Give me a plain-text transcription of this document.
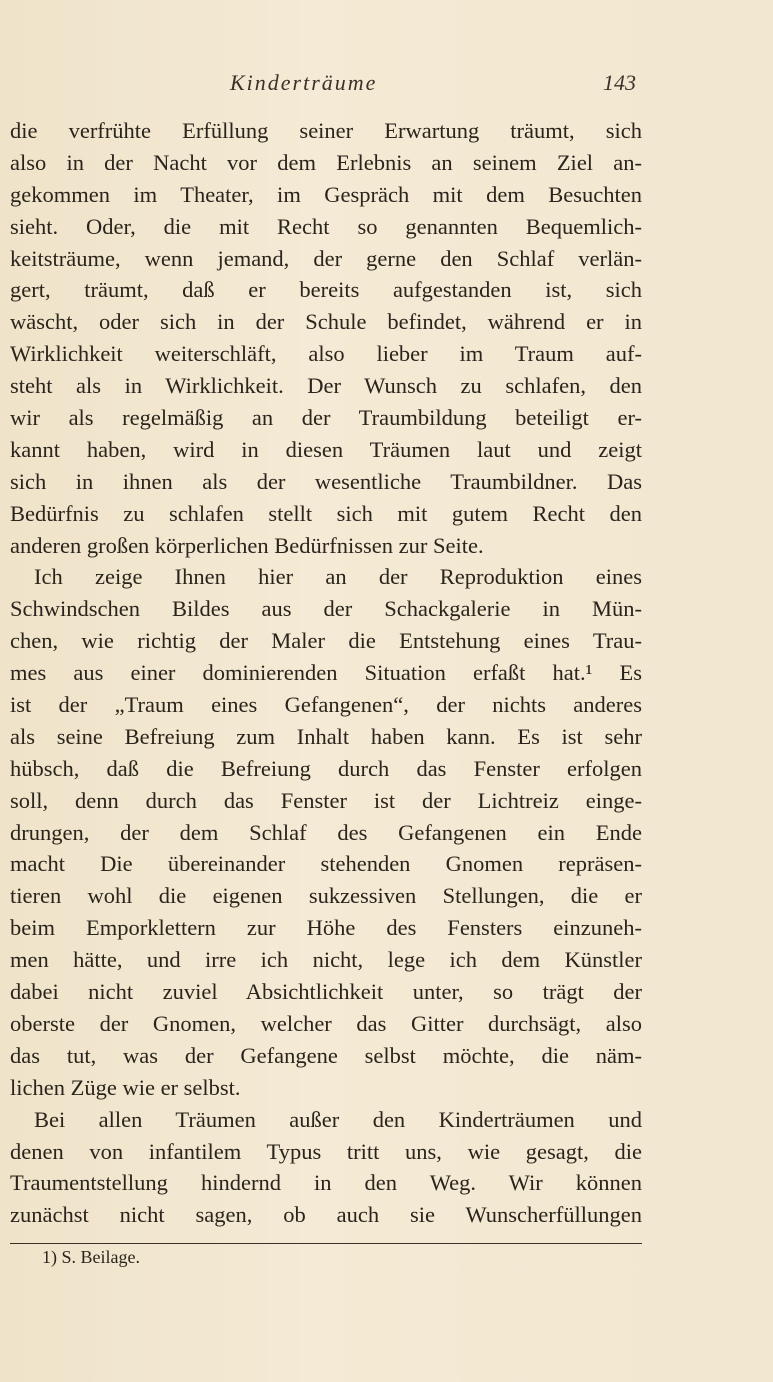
Kinderträume	143
die verfrühte Erfüllung seiner Erwartung träumt, sich
also in der Nacht vor dem Erlebnis an seinem Ziel an-
gekommen im Theater, im Gespräch mit dem Besuchten
sieht. Oder, die mit Recht so genannten Bequemlich-
keitsträume, wenn jemand, der gerne den Schlaf verlän-
gert, träumt, daß er bereits aufgestanden ist, sich
wäscht, oder sich in der Schule befindet, während er in
Wirklichkeit weiterschläft, also lieber im Traum auf-
steht als in Wirklichkeit. Der Wunsch zu schlafen, den
wir als regelmäßig an der Traumbildung beteiligt er-
kannt haben, wird in diesen Träumen laut und zeigt
sich in ihnen als der wesentliche Traumbildner. Das
Bedürfnis zu schlafen stellt sich mit gutem Recht den
anderen großen körperlichen Bedürfnissen zur Seite.
Ich zeige Ihnen hier an der Reproduktion eines
Schwindschen Bildes aus der Schackgalerie in Mün-
chen, wie richtig der Maler die Entstehung eines Trau-
mes aus einer dominierenden Situation erfaßt hat.¹ Es
ist der „Traum eines Gefangenen“, der nichts anderes
als seine Befreiung zum Inhalt haben kann. Es ist sehr
hübsch, daß die Befreiung durch das Fenster erfolgen
soll, denn durch das Fenster ist der Lichtreiz einge-
drungen, der dem Schlaf des Gefangenen ein Ende
macht Die übereinander stehenden Gnomen repräsen-
tieren wohl die eigenen sukzessiven Stellungen, die er
beim Emporklettern zur Höhe des Fensters einzuneh-
men hätte, und irre ich nicht, lege ich dem Künstler
dabei nicht zuviel Absichtlichkeit unter, so trägt der
oberste der Gnomen, welcher das Gitter durchsägt, also
das tut, was der Gefangene selbst möchte, die näm-
lichen Züge wie er selbst.
Bei allen Träumen außer den Kinderträumen und
denen von infantilem Typus tritt uns, wie gesagt, die
Traumentstellung hindernd in den Weg. Wir können
zunächst nicht sagen, ob auch sie Wunscherfüllungen
1) S. Beilage.
